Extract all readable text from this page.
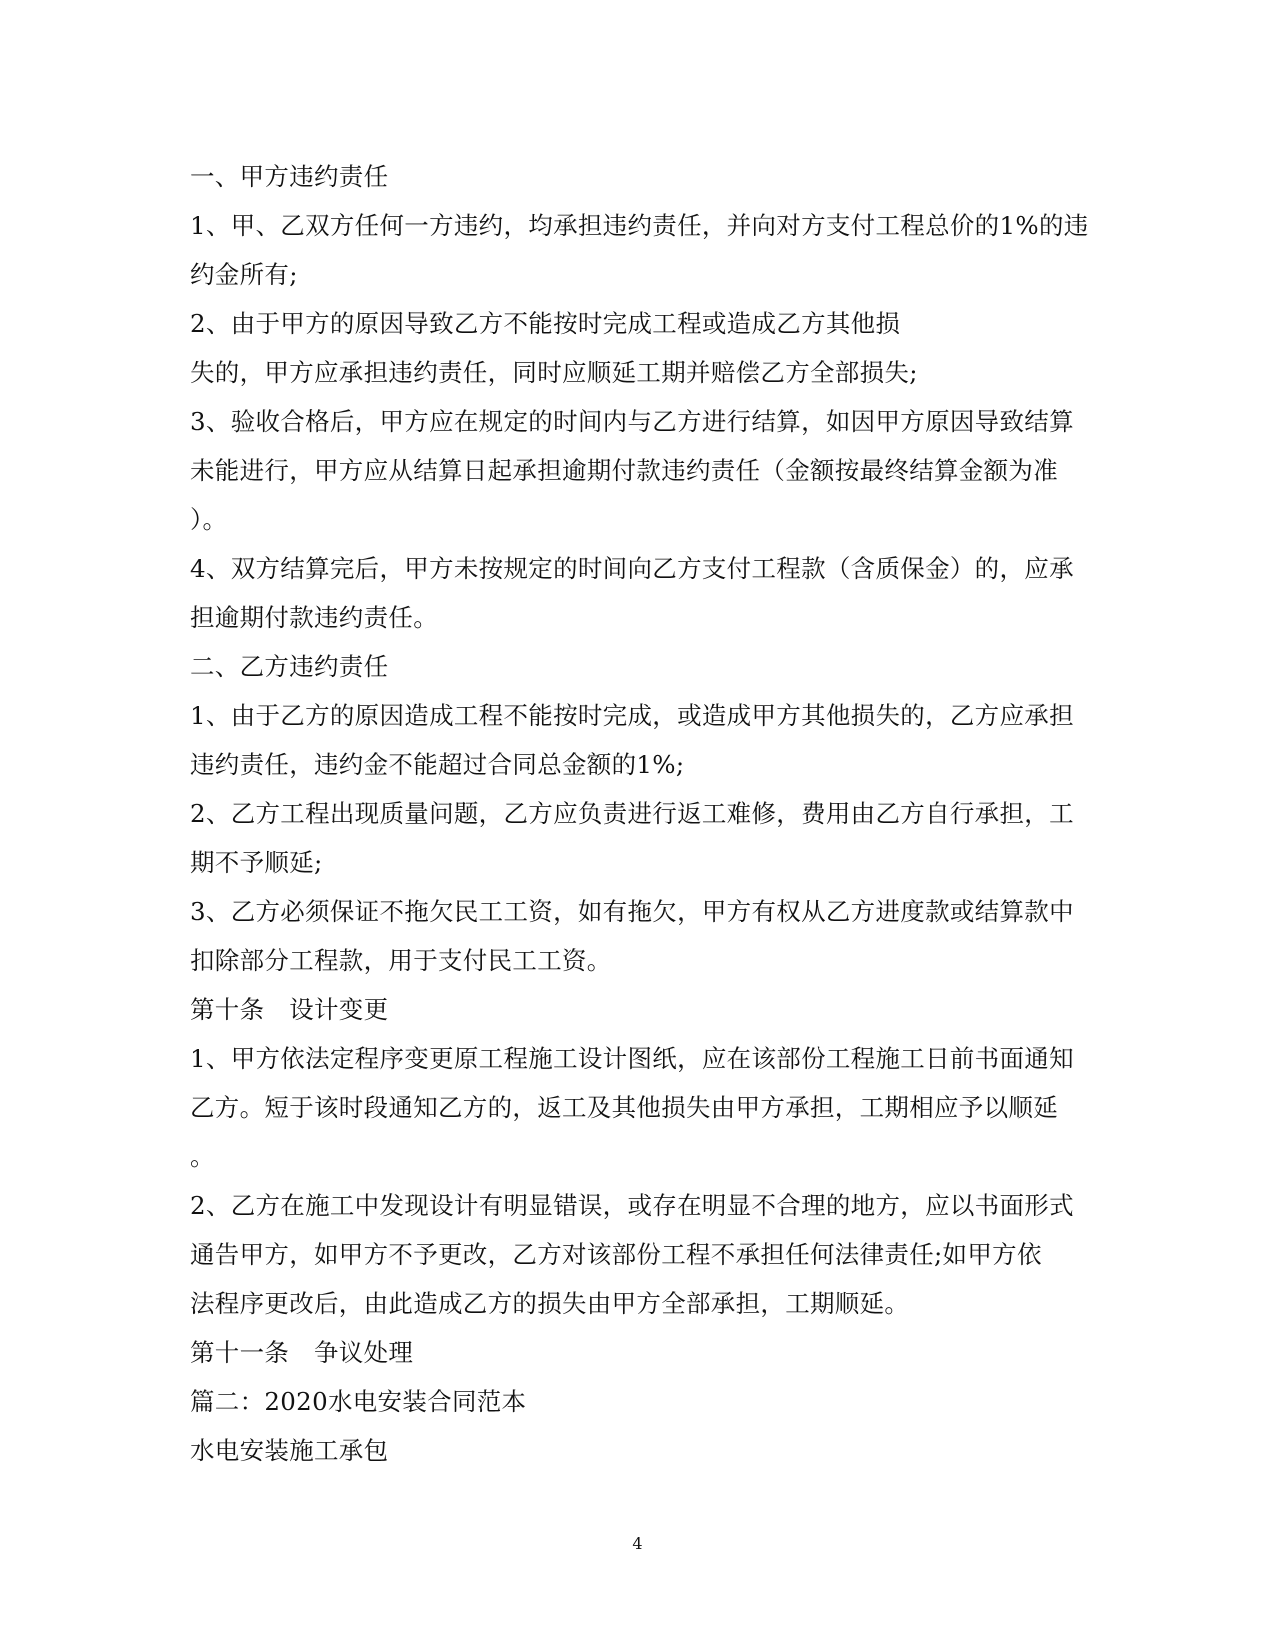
一、甲方违约责任
1、甲、乙双方任何一方违约，均承担违约责任，并向对方支付工程总价的1%的违
约金所有;
2、由于甲方的原因导致乙方不能按时完成工程或造成乙方其他损
失的，甲方应承担违约责任，同时应顺延工期并赔偿乙方全部损失;
3、验收合格后，甲方应在规定的时间内与乙方进行结算，如因甲方原因导致结算
未能进行，甲方应从结算日起承担逾期付款违约责任（金额按最终结算金额为准
）。
4、双方结算完后，甲方未按规定的时间向乙方支付工程款（含质保金）的，应承
担逾期付款违约责任。
二、乙方违约责任
1、由于乙方的原因造成工程不能按时完成，或造成甲方其他损失的，乙方应承担
违约责任，违约金不能超过合同总金额的1%;
2、乙方工程出现质量问题，乙方应负责进行返工难修，费用由乙方自行承担，工
期不予顺延;
3、乙方必须保证不拖欠民工工资，如有拖欠，甲方有权从乙方进度款或结算款中
扣除部分工程款，用于支付民工工资。
第十条　设计变更
1、甲方依法定程序变更原工程施工设计图纸，应在该部份工程施工日前书面通知
乙方。短于该时段通知乙方的，返工及其他损失由甲方承担，工期相应予以顺延
。
2、乙方在施工中发现设计有明显错误，或存在明显不合理的地方，应以书面形式
通告甲方，如甲方不予更改，乙方对该部份工程不承担任何法律责任;如甲方依
法程序更改后，由此造成乙方的损失由甲方全部承担，工期顺延。
第十一条　争议处理
篇二：2020水电安装合同范本
水电安装施工承包
4
